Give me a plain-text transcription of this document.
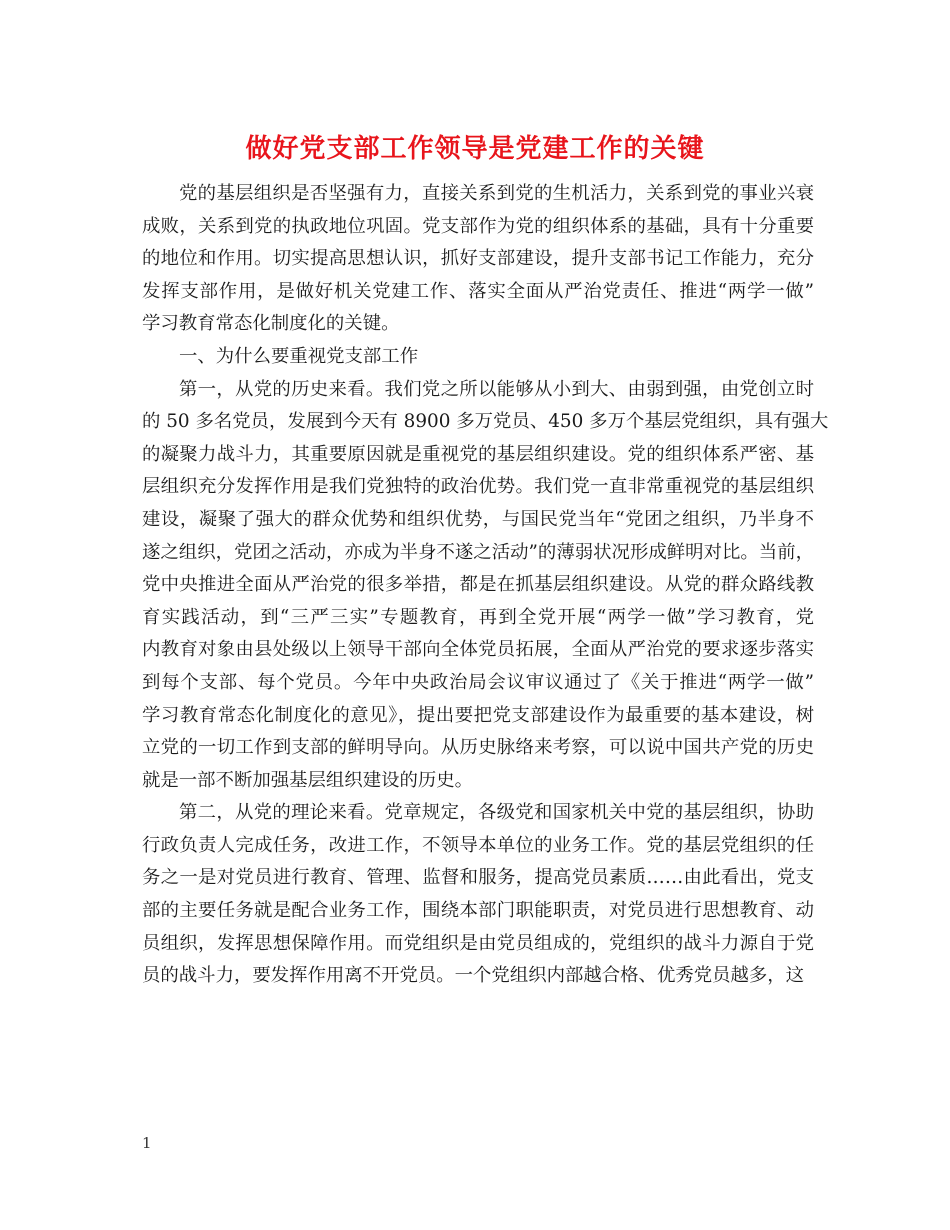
做好党支部工作领导是党建工作的关键
党的基层组织是否坚强有力，直接关系到党的生机活力，关系到党的事业兴衰
成败，关系到党的执政地位巩固。党支部作为党的组织体系的基础，具有十分重要
的地位和作用。切实提高思想认识，抓好支部建设，提升支部书记工作能力，充分
发挥支部作用，是做好机关党建工作、落实全面从严治党责任、推进“两学一做”
学习教育常态化制度化的关键。
一、为什么要重视党支部工作
第一，从党的历史来看。我们党之所以能够从小到大、由弱到强，由党创立时
的 50 多名党员，发展到今天有 8900 多万党员、450 多万个基层党组织，具有强大
的凝聚力战斗力，其重要原因就是重视党的基层组织建设。党的组织体系严密、基
层组织充分发挥作用是我们党独特的政治优势。我们党一直非常重视党的基层组织
建设，凝聚了强大的群众优势和组织优势，与国民党当年“党团之组织，乃半身不
遂之组织，党团之活动，亦成为半身不遂之活动”的薄弱状况形成鲜明对比。当前，
党中央推进全面从严治党的很多举措，都是在抓基层组织建设。从党的群众路线教
育实践活动，到“三严三实”专题教育，再到全党开展“两学一做”学习教育，党
内教育对象由县处级以上领导干部向全体党员拓展，全面从严治党的要求逐步落实
到每个支部、每个党员。今年中央政治局会议审议通过了《关于推进“两学一做”
学习教育常态化制度化的意见》，提出要把党支部建设作为最重要的基本建设，树
立党的一切工作到支部的鲜明导向。从历史脉络来考察，可以说中国共产党的历史
就是一部不断加强基层组织建设的历史。
第二，从党的理论来看。党章规定，各级党和国家机关中党的基层组织，协助
行政负责人完成任务，改进工作，不领导本单位的业务工作。党的基层党组织的任
务之一是对党员进行教育、管理、监督和服务，提高党员素质……由此看出，党支
部的主要任务就是配合业务工作，围绕本部门职能职责，对党员进行思想教育、动
员组织，发挥思想保障作用。而党组织是由党员组成的，党组织的战斗力源自于党
员的战斗力，要发挥作用离不开党员。一个党组织内部越合格、优秀党员越多，这
1
